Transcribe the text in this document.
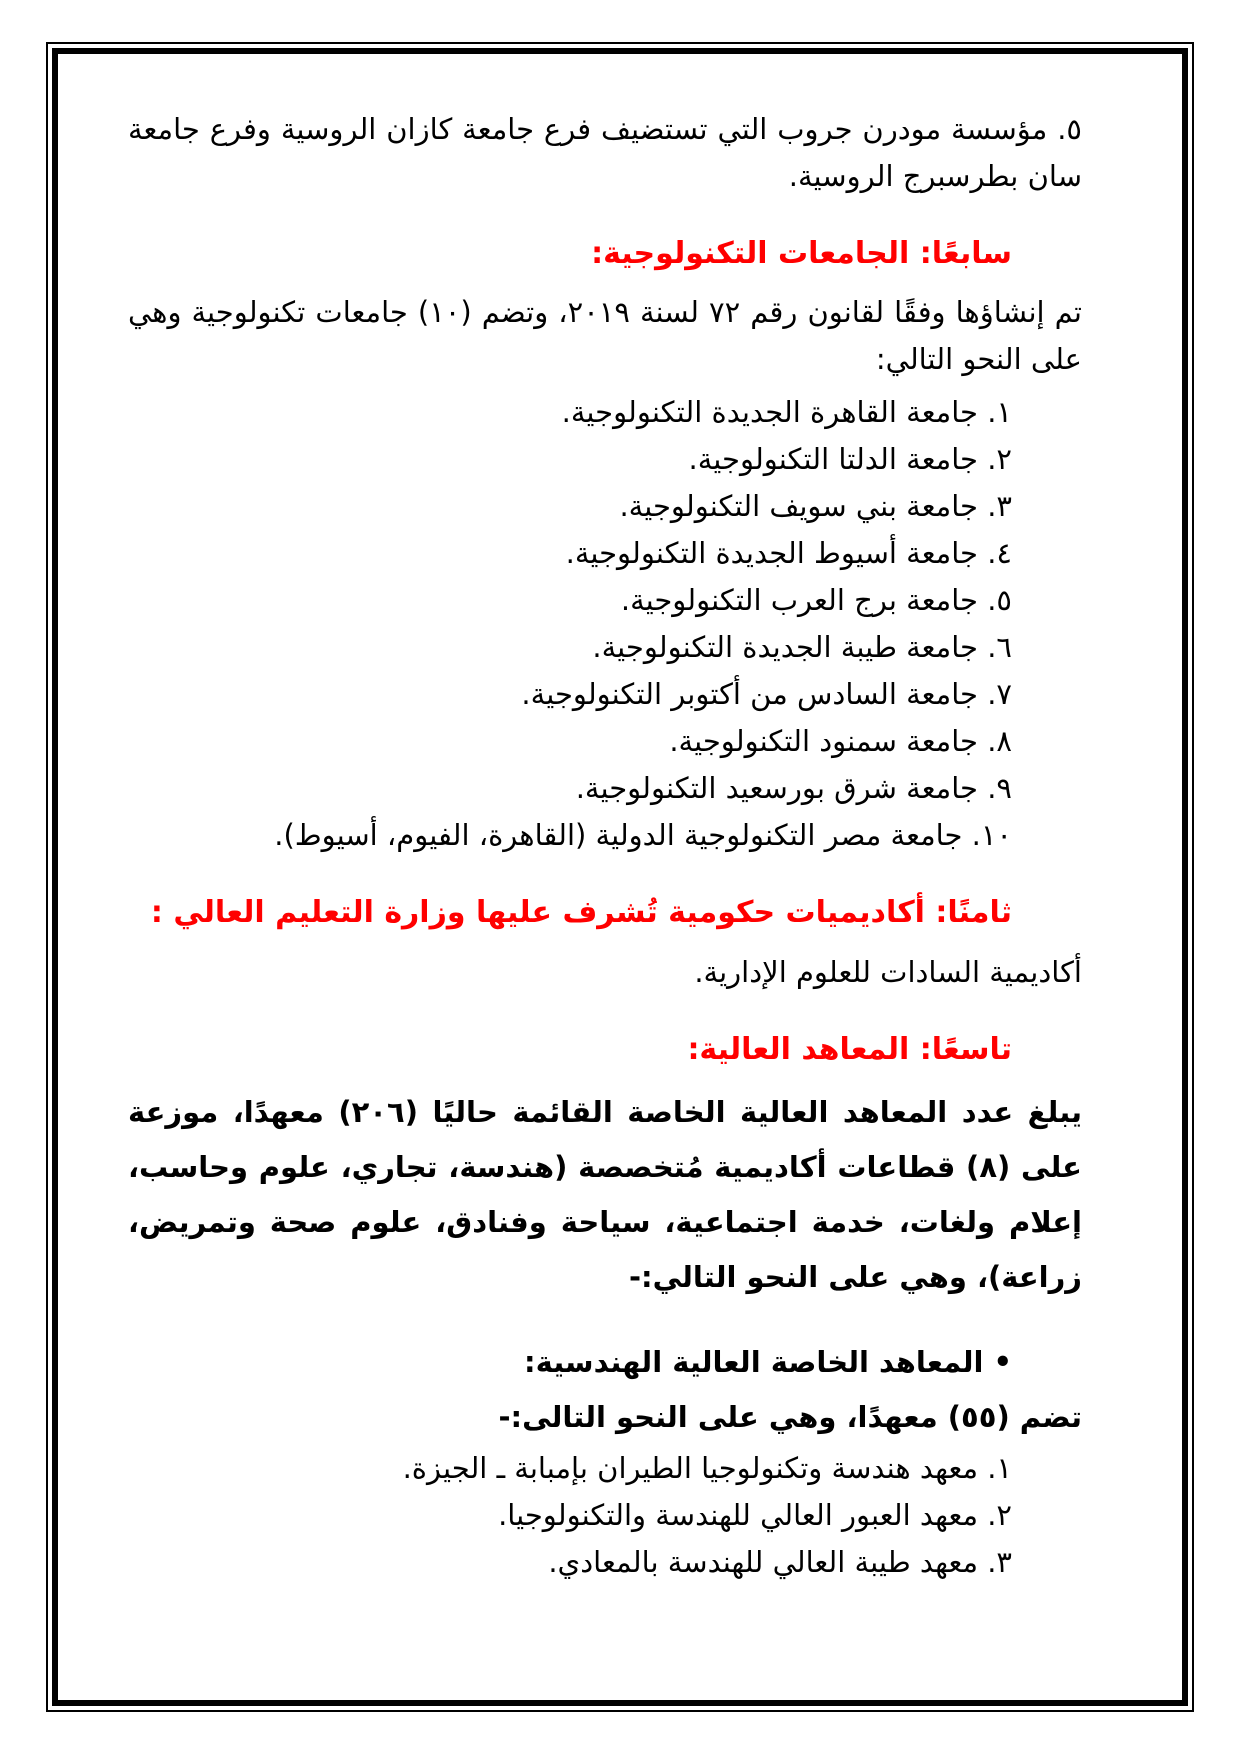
٥. مؤسسة مودرن جروب التي تستضيف فرع جامعة كازان الروسية وفرع جامعة سان بطرسبرج الروسية.

سابعًا: الجامعات التكنولوجية:

تم إنشاؤها وفقًا لقانون رقم ٧٢ لسنة ٢٠١٩، وتضم (١٠) جامعات تكنولوجية وهي على النحو التالي:

١. جامعة القاهرة الجديدة التكنولوجية.
٢. جامعة الدلتا التكنولوجية.
٣. جامعة بني سويف التكنولوجية.
٤. جامعة أسيوط الجديدة التكنولوجية.
٥. جامعة برج العرب التكنولوجية.
٦. جامعة طيبة الجديدة التكنولوجية.
٧. جامعة السادس من أكتوبر التكنولوجية.
٨. جامعة سمنود التكنولوجية.
٩. جامعة شرق بورسعيد التكنولوجية.
١٠. جامعة مصر التكنولوجية الدولية (القاهرة، الفيوم، أسيوط).
ثامنًا: أكاديميات حكومية تُشرف عليها وزارة التعليم العالي :

أكاديمية السادات للعلوم الإدارية.

تاسعًا: المعاهد العالية:

يبلغ عدد المعاهد العالية الخاصة القائمة حاليًا (٢٠٦) معهدًا، موزعة على (٨) قطاعات أكاديمية مُتخصصة (هندسة، تجاري، علوم وحاسب، إعلام ولغات، خدمة اجتماعية، سياحة وفنادق، علوم صحة وتمريض، زراعة)، وهي على النحو التالي:-

•المعاهد الخاصة العالية الهندسية:

تضم (٥٥) معهدًا، وهي على النحو التالى:-

١. معهد هندسة وتكنولوجيا الطيران بإمبابة ـ الجيزة.
٢. معهد العبور العالي للهندسة والتكنولوجيا.
٣. معهد طيبة العالي للهندسة بالمعادي.
